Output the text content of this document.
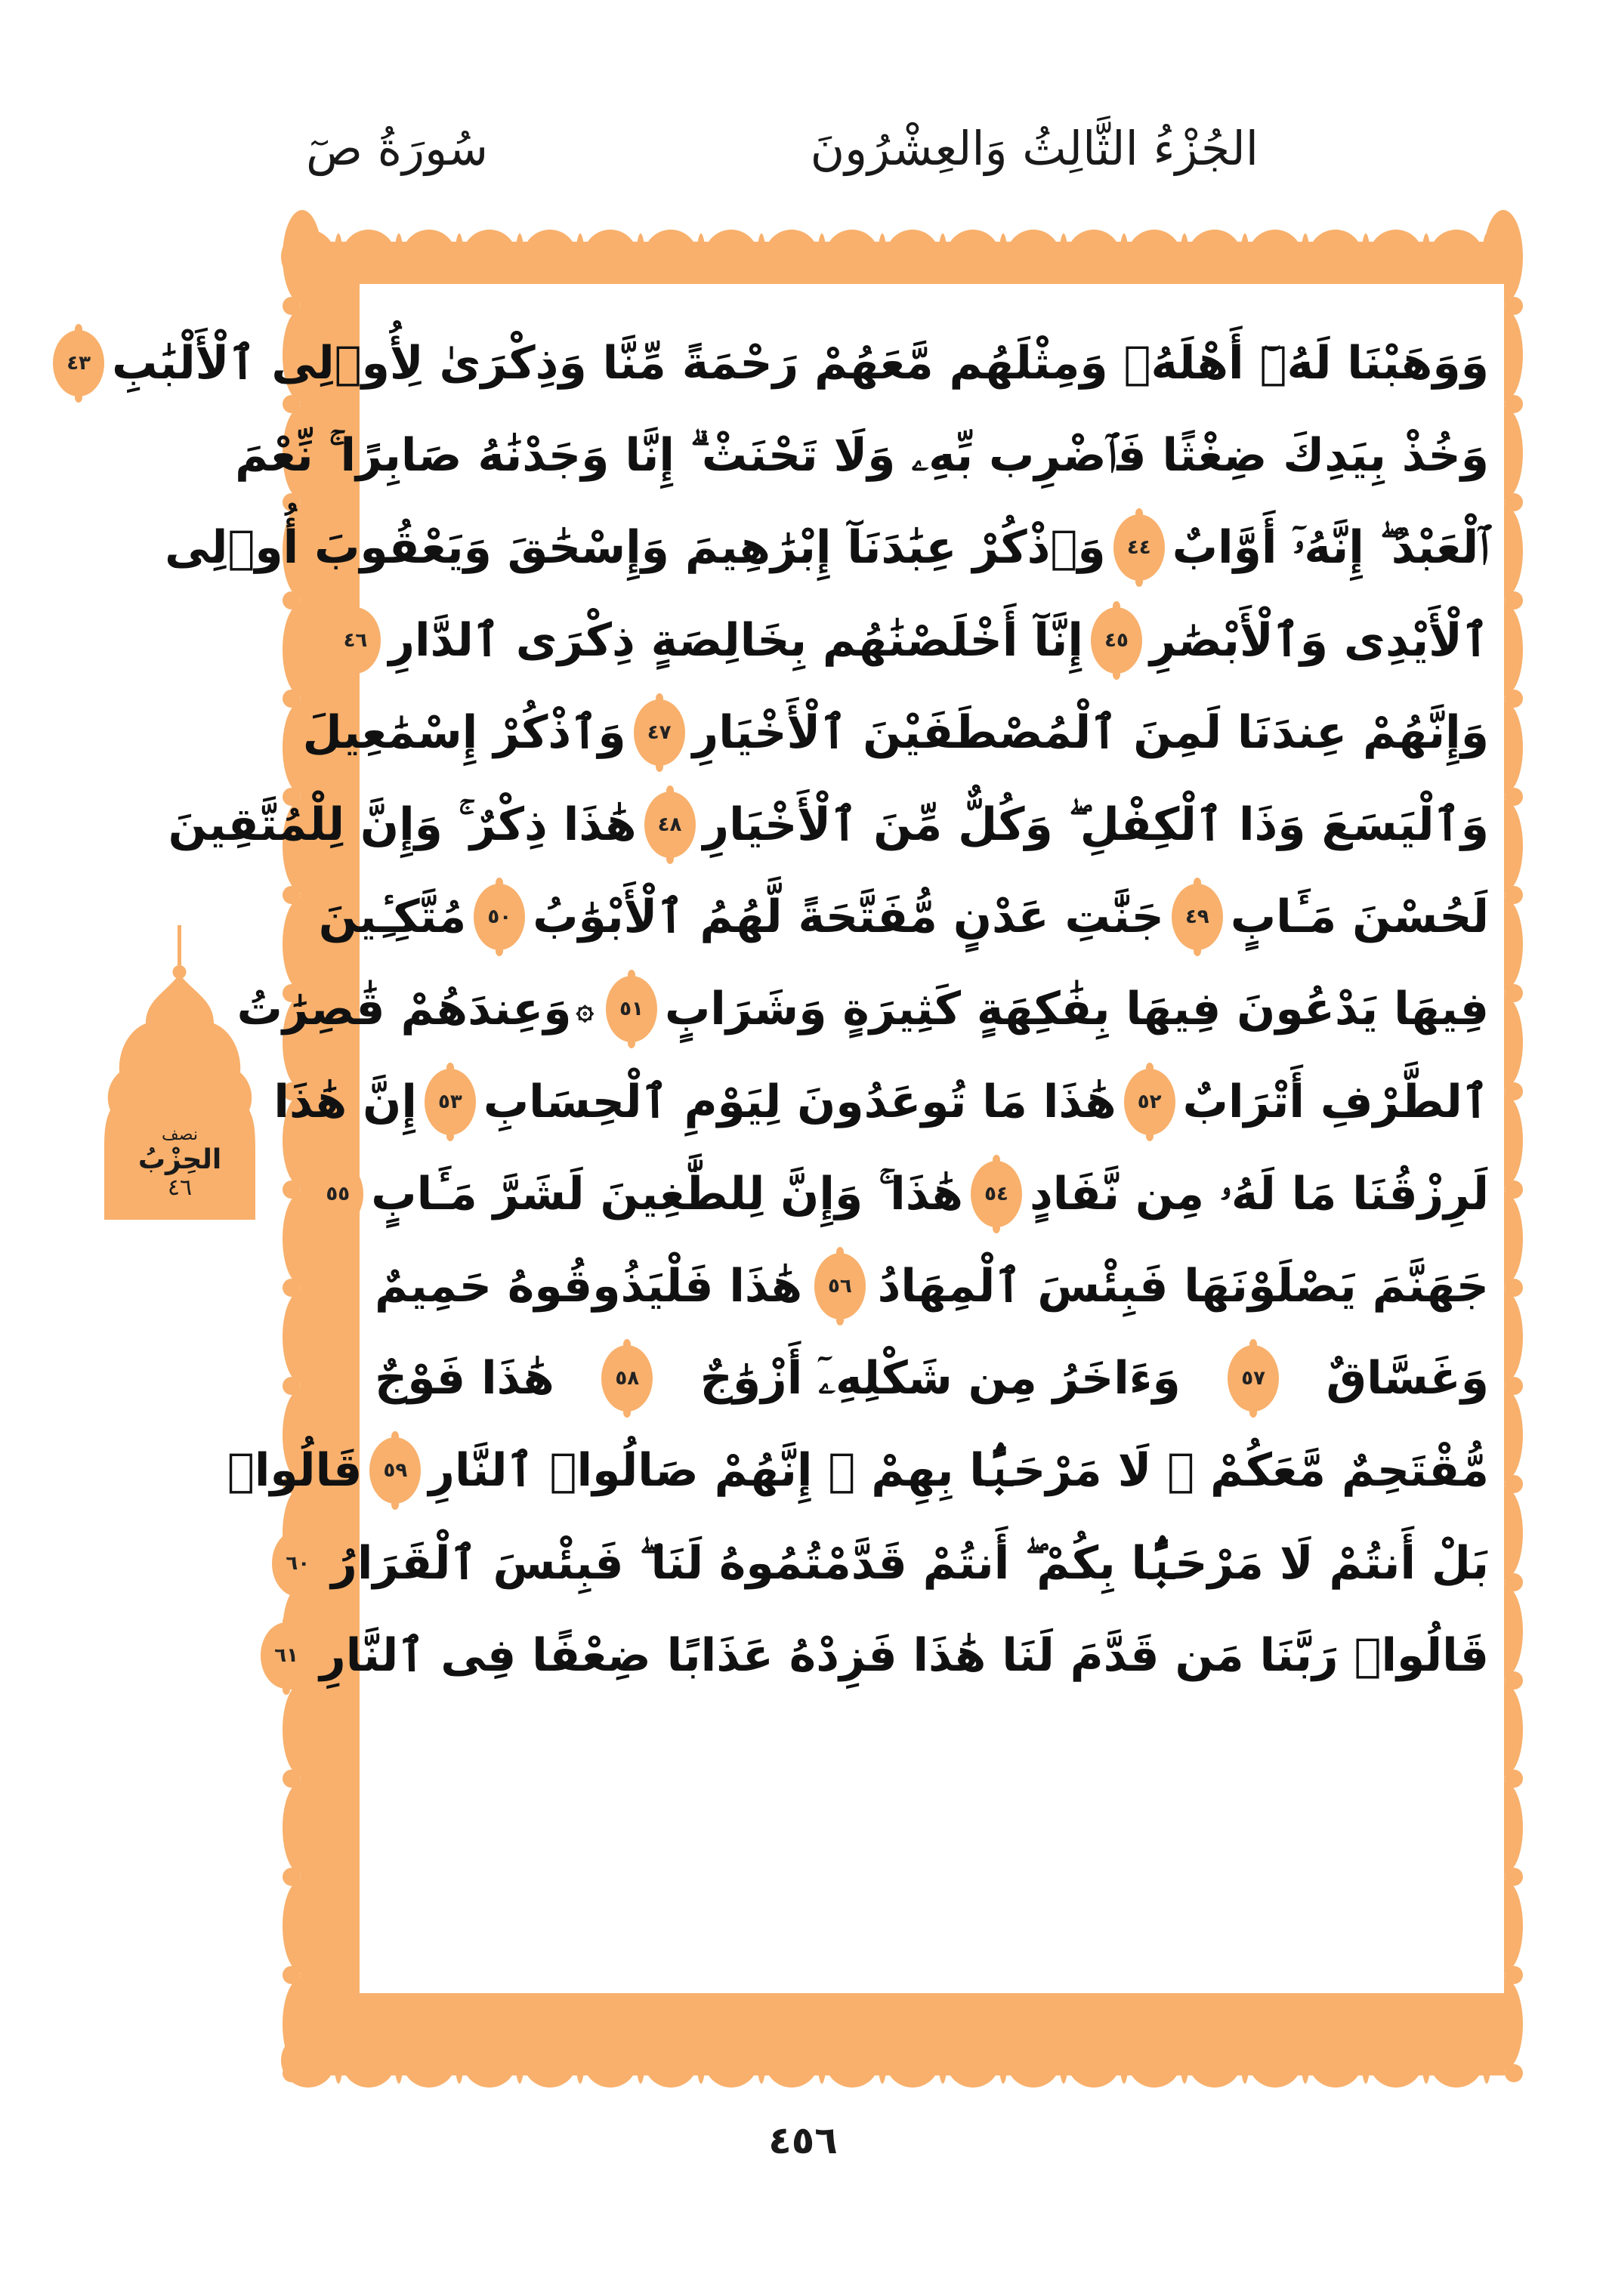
الجُزْءُ الثَّالِثُ وَالعِشْرُونَ
سُورَةُ صٓ
نصف
الحِزْبُ
٤٦
وَوَهَبْنَا لَهُۥٓ أَهْلَهُۥ وَمِثْلَهُم مَّعَهُمْ رَحْمَةً مِّنَّا وَذِكْرَىٰ لِأُو۟لِى ٱلْأَلْبَٰبِ
٤٣
وَخُذْ بِيَدِكَ ضِغْثًا فَٱضْرِب بِّهِۦ وَلَا تَحْنَثْ ۗ إِنَّا وَجَدْنَٰهُ صَابِرًا ۚ نِّعْمَ
ٱلْعَبْدُ ۖ إِنَّهُۥٓ أَوَّابٌ
٤٤
وَٱذْكُرْ عِبَٰدَنَآ إِبْرَٰهِيمَ وَإِسْحَٰقَ وَيَعْقُوبَ أُو۟لِى
ٱلْأَيْدِى وَٱلْأَبْصَٰرِ
٤٥
إِنَّآ أَخْلَصْنَٰهُم بِخَالِصَةٍ ذِكْرَى ٱلدَّارِ
٤٦
وَإِنَّهُمْ عِندَنَا لَمِنَ ٱلْمُصْطَفَيْنَ ٱلْأَخْيَارِ
٤٧
وَٱذْكُرْ إِسْمَٰعِيلَ
وَٱلْيَسَعَ وَذَا ٱلْكِفْلِ ۖ وَكُلٌّ مِّنَ ٱلْأَخْيَارِ
٤٨
هَٰذَا ذِكْرٌ ۚ وَإِنَّ لِلْمُتَّقِينَ
لَحُسْنَ مَـَٔابٍ
٤٩
جَنَّٰتِ عَدْنٍ مُّفَتَّحَةً لَّهُمُ ٱلْأَبْوَٰبُ
٥٠
مُتَّكِـِٔينَ
فِيهَا يَدْعُونَ فِيهَا بِفَٰكِهَةٍ كَثِيرَةٍ وَشَرَابٍ
٥١
۞
وَعِندَهُمْ قَٰصِرَٰتُ
ٱلطَّرْفِ أَتْرَابٌ
٥٢
هَٰذَا مَا تُوعَدُونَ لِيَوْمِ ٱلْحِسَابِ
٥٣
إِنَّ هَٰذَا
لَرِزْقُنَا مَا لَهُۥ مِن نَّفَادٍ
٥٤
هَٰذَا ۚ وَإِنَّ لِلطَّٰغِينَ لَشَرَّ مَـَٔابٍ
٥٥
جَهَنَّمَ يَصْلَوْنَهَا فَبِئْسَ ٱلْمِهَادُ
٥٦
هَٰذَا فَلْيَذُوقُوهُ حَمِيمٌ
وَغَسَّاقٌ
٥٧
وَءَاخَرُ مِن شَكْلِهِۦٓ أَزْوَٰجٌ
٥٨
هَٰذَا فَوْجٌ
مُّقْتَحِمٌ مَّعَكُمْ ۖ لَا مَرْحَبًۢا بِهِمْ ۚ إِنَّهُمْ صَالُوا۟ ٱلنَّارِ
٥٩
قَالُوا۟
بَلْ أَنتُمْ لَا مَرْحَبًۢا بِكُمْ ۖ أَنتُمْ قَدَّمْتُمُوهُ لَنَا ۖ فَبِئْسَ ٱلْقَرَارُ
٦٠
قَالُوا۟ رَبَّنَا مَن قَدَّمَ لَنَا هَٰذَا فَزِدْهُ عَذَابًا ضِعْفًا فِى ٱلنَّارِ
٦١
٤٥٦
